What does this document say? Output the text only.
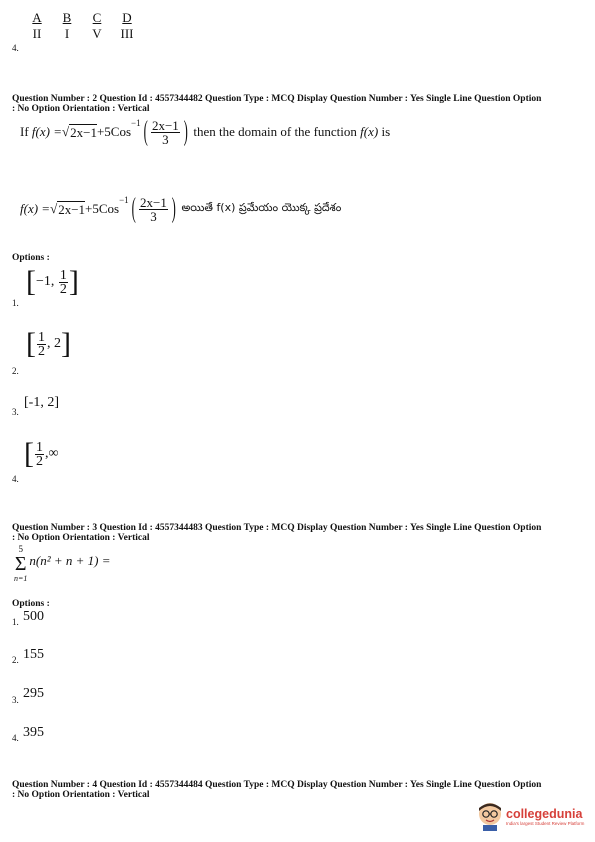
A	B	C	D
II	I	V	III
4.
Question Number : 2 Question Id : 4557344482 Question Type : MCQ Display Question Number : Yes Single Line Question Option
: No Option Orientation : Vertical
If
f(x) = √ 2x−1 +5Cos
$^{-1}$ ( $\frac{2x-1}{3}$ )
then the domain of the function
f(x)
is
f(x) = √ 2x−1 +5Cos
$^{-1}$ ( $\frac{2x-1}{3}$ )
అయితే f(x) ప్రమేయం యొక్క ప్రదేశం
Options :
1.
[ −1,
$\frac{1}{2}$ ]
2.
[ $\frac{1}{2}$ , 2 ]
3.
[-1, 2]
4.
[ $\frac{1}{2}$ ,∞
Question Number : 3 Question Id : 4557344483 Question Type : MCQ Display Question Number : Yes Single Line Question Option
: No Option Orientation : Vertical
5
Σ
n=1
n(n² + n + 1) =
Options :
1. 500
2. 155
3. 295
4. 395
Question Number : 4 Question Id : 4557344484 Question Type : MCQ Display Question Number : Yes Single Line Question Option
: No Option Orientation : Vertical
collegedunia
India's largest Student Review Platform
